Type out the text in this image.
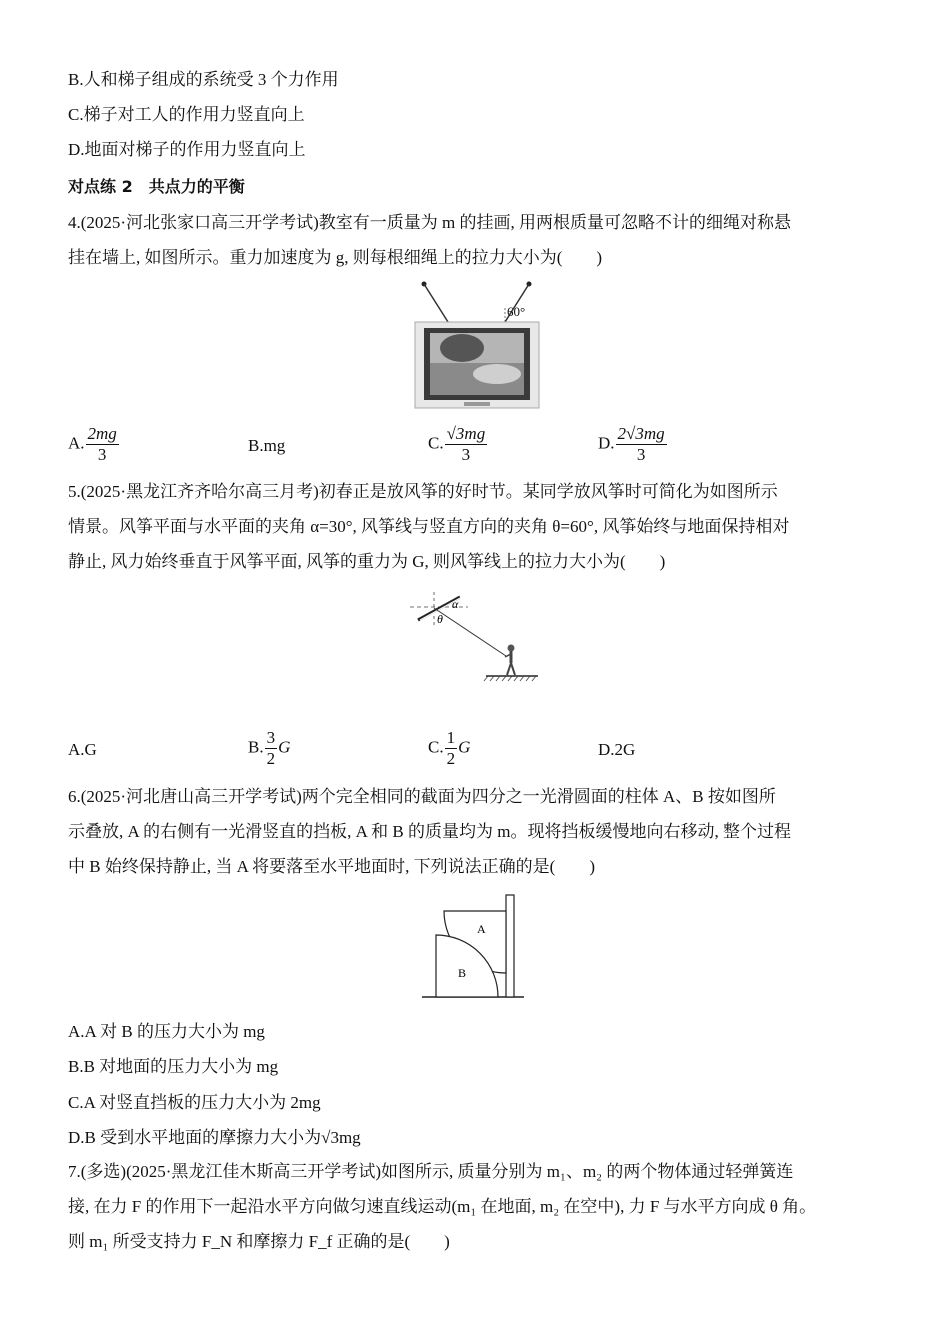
B.人和梯子组成的系统受 3 个力作用
C.梯子对工人的作用力竖直向上
D.地面对梯子的作用力竖直向上
对点练 2　共点力的平衡
4.(2025·河北张家口高三开学考试)教室有一质量为 m 的挂画, 用两根质量可忽略不计的细绳对称悬
挂在墙上, 如图所示。重力加速度为 g, 则每根细绳上的拉力大小为(　　)
60°
A. $\frac{2mg}{3}$	B.mg	C. $\frac{√3mg}{3}$	D. $\frac{2√3mg}{3}$
5.(2025·黑龙江齐齐哈尔高三月考)初春正是放风筝的好时节。某同学放风筝时可简化为如图所示
情景。风筝平面与水平面的夹角 α=30°, 风筝线与竖直方向的夹角 θ=60°, 风筝始终与地面保持相对
静止, 风力始终垂直于风筝平面, 风筝的重力为 G, 则风筝线上的拉力大小为(　　)
α
θ
A.G	B. $\frac{3}{2}$ G	C. $\frac{1}{2}$ G	D.2G
6.(2025·河北唐山高三开学考试)两个完全相同的截面为四分之一光滑圆面的柱体 A、B 按如图所
示叠放, A 的右侧有一光滑竖直的挡板, A 和 B 的质量均为 m。现将挡板缓慢地向右移动, 整个过程
中 B 始终保持静止, 当 A 将要落至水平地面时, 下列说法正确的是(　　)
A
B
A.A 对 B 的压力大小为 mg
B.B 对地面的压力大小为 mg
C.A 对竖直挡板的压力大小为 2mg
D.B 受到水平地面的摩擦力大小为√3mg
7.(多选)(2025·黑龙江佳木斯高三开学考试)如图所示, 质量分别为 m₁、m₂ 的两个物体通过轻弹簧连
接, 在力 F 的作用下一起沿水平方向做匀速直线运动(m₁ 在地面, m₂ 在空中), 力 F 与水平方向成 θ 角。
则 m₁ 所受支持力 F_N 和摩擦力 F_f 正确的是(　　)
